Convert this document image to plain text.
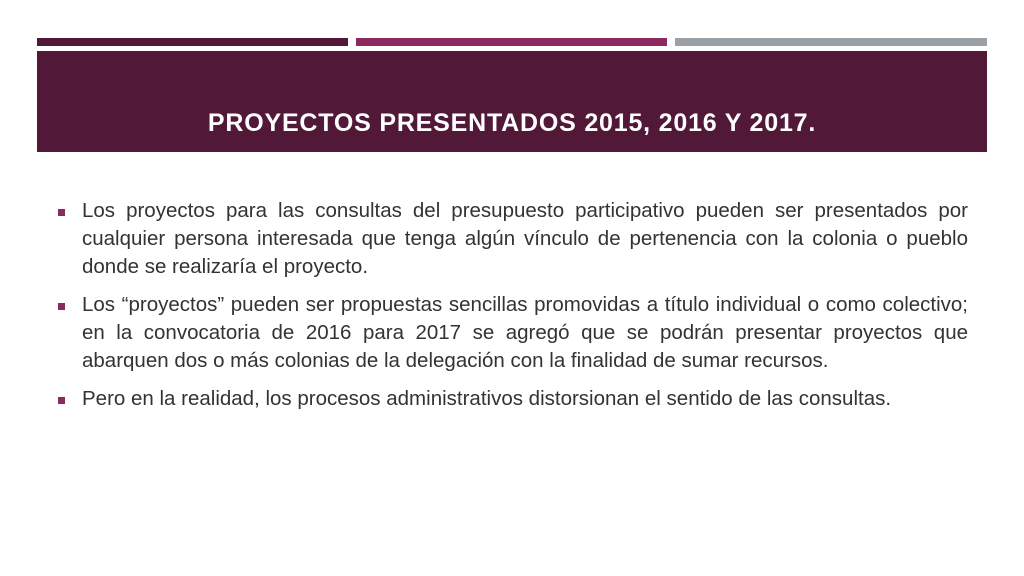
PROYECTOS PRESENTADOS 2015, 2016 Y 2017.
Los proyectos para las consultas del presupuesto participativo pueden ser presentados por cualquier persona interesada que tenga algún vínculo de pertenencia con la colonia o pueblo donde se realizaría el proyecto.
Los “proyectos” pueden ser propuestas sencillas promovidas a título individual o como colectivo; en la convocatoria de 2016 para 2017 se agregó que se podrán presentar proyectos que abarquen dos o más colonias de la delegación con la finalidad de sumar recursos.
Pero en la realidad, los procesos administrativos distorsionan el sentido de las consultas.
